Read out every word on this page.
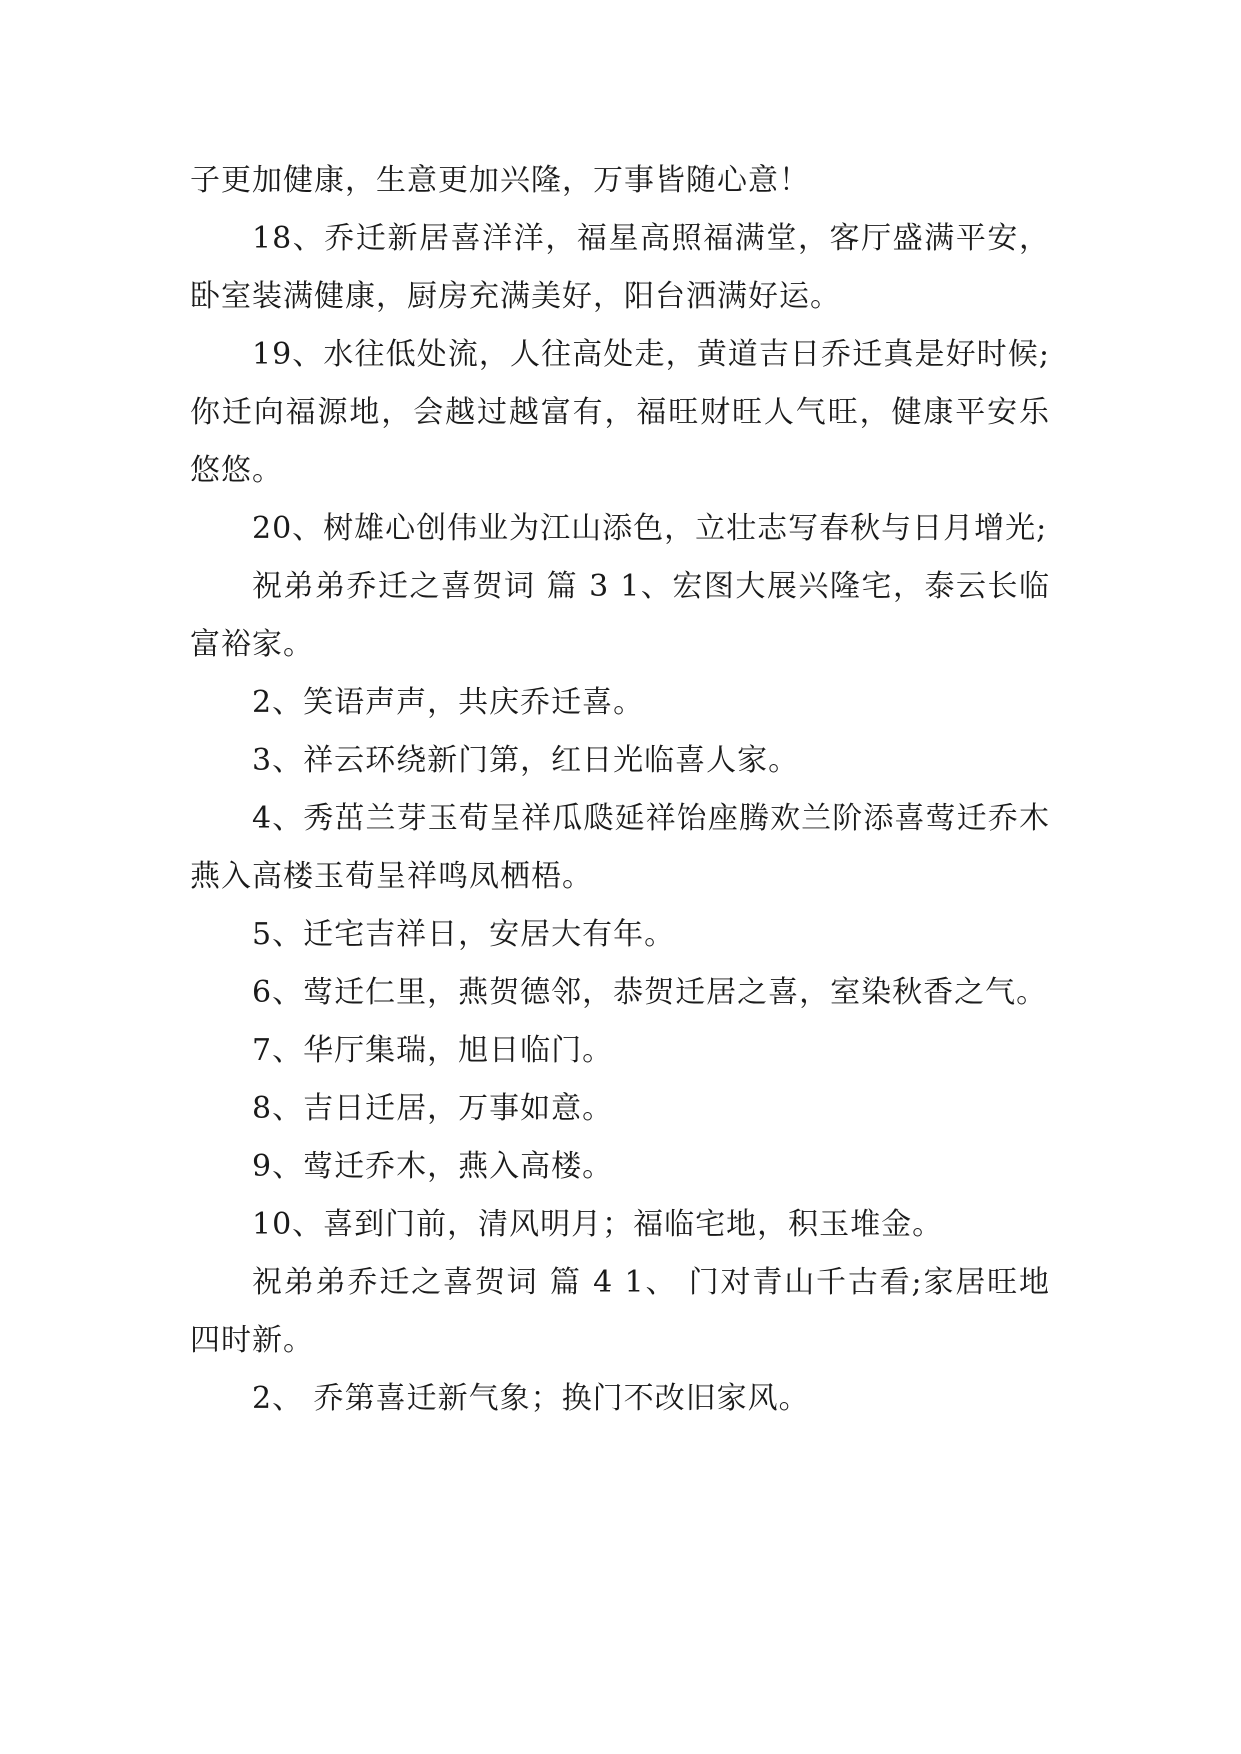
子更加健康，生意更加兴隆，万事皆随心意！

18、乔迁新居喜洋洋，福星高照福满堂，客厅盛满平安，卧室装满健康，厨房充满美好，阳台洒满好运。

19、水往低处流，人往高处走，黄道吉日乔迁真是好时候;你迁向福源地，会越过越富有，福旺财旺人气旺，健康平安乐悠悠。

20、树雄心创伟业为江山添色，立壮志写春秋与日月增光;

祝弟弟乔迁之喜贺词 篇 3 1、宏图大展兴隆宅，泰云长临富裕家。

2、笑语声声，共庆乔迁喜。

3、祥云环绕新门第，红日光临喜人家。

4、秀茁兰芽玉荀呈祥瓜瓞延祥饴座腾欢兰阶添喜莺迁乔木燕入高楼玉荀呈祥鸣凤栖梧。

5、迁宅吉祥日，安居大有年。

6、莺迁仁里，燕贺德邻，恭贺迁居之喜，室染秋香之气。

7、华厅集瑞，旭日临门。

8、吉日迁居，万事如意。

9、莺迁乔木，燕入高楼。

10、喜到门前，清风明月；福临宅地，积玉堆金。

祝弟弟乔迁之喜贺词 篇 4 1、 门对青山千古看;家居旺地四时新。

2、 乔第喜迁新气象；换门不改旧家风。
